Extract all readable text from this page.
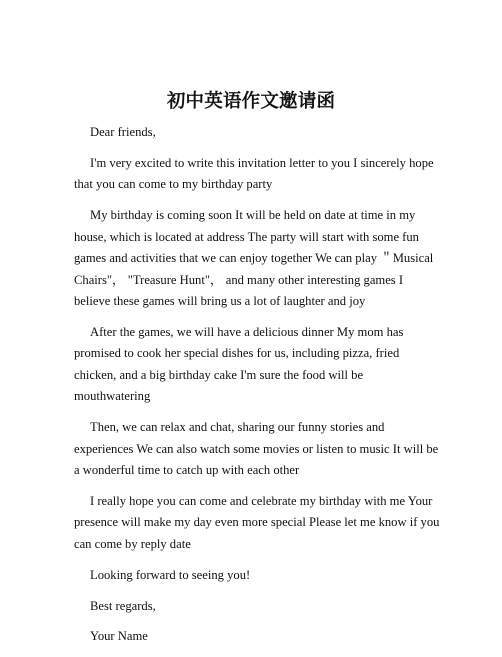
初中英语作文邀请函

Dear friends,

I'm very excited to write this invitation letter to you I sincerely hope that you can come to my birthday party

My birthday is coming soon It will be held on date at time in my house, which is located at address The party will start with some fun games and activities that we can enjoy together We can play ＂Musical Chairs"， "Treasure Hunt"， and many other interesting games I believe these games will bring us a lot of laughter and joy

After the games, we will have a delicious dinner My mom has promised to cook her special dishes for us, including pizza, fried chicken, and a big birthday cake I'm sure the food will be mouthwatering

Then, we can relax and chat, sharing our funny stories and experiences We can also watch some movies or listen to music It will be a wonderful time to catch up with each other

I really hope you can come and celebrate my birthday with me Your presence will make my day even more special Please let me know if you can come by reply date

Looking forward to seeing you!

Best regards,

Your Name
